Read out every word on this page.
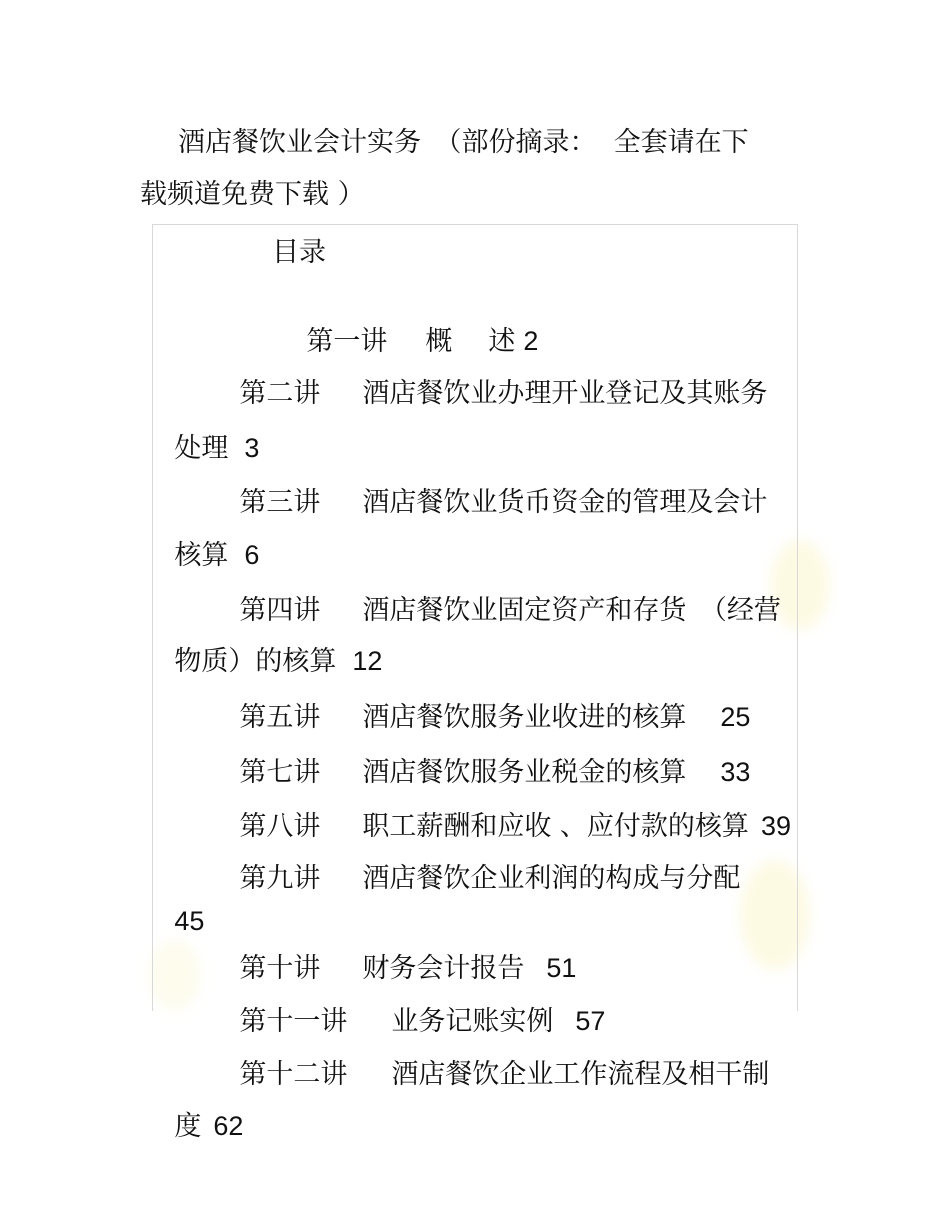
酒店餐饮业会计实务　（部份摘录：  全套请在下
载频道免费下载 ）
目录

第一讲 概 述 2

第二讲 酒店餐饮业办理开业登记及其账务

处理 3

第三讲 酒店餐饮业货币资金的管理及会计

核算 6

第四讲 酒店餐饮业固定资产和存货　（经营

物质）的核算 12

第五讲 酒店餐饮服务业收进的核算 25

第七讲 酒店餐饮服务业税金的核算 33

第八讲 职工薪酬和应收 、应付款的核算 39

第九讲 酒店餐饮企业利润的构成与分配

45

第十讲 财务会计报告 51

第十一讲 业务记账实例 57

第十二讲 酒店餐饮企业工作流程及相干制

度 62
